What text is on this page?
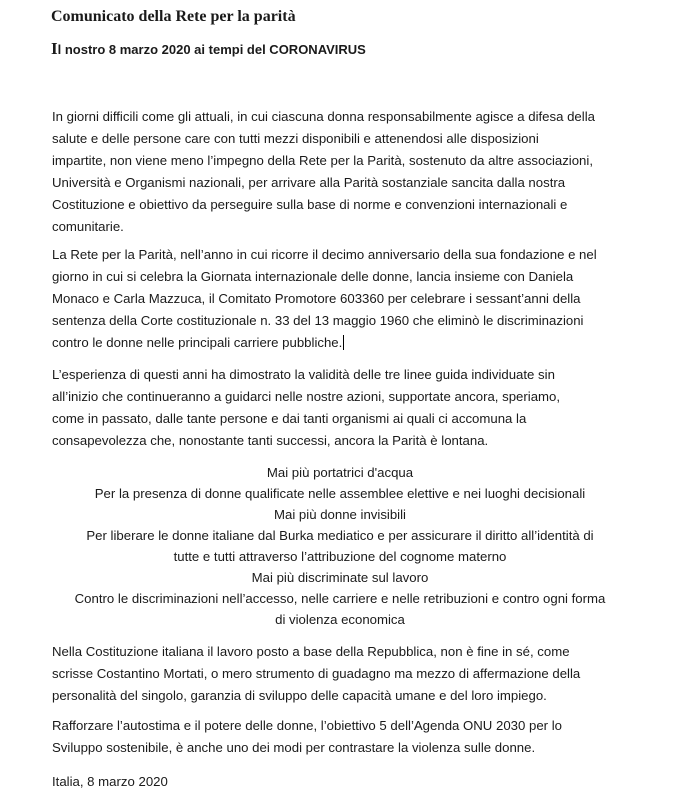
Comunicato della Rete per la parità
Il nostro 8 marzo 2020 ai tempi del CORONAVIRUS

In giorni difficili come gli attuali, in cui ciascuna donna responsabilmente agisce a difesa della
salute e delle persone care con tutti mezzi disponibili e attenendosi alle disposizioni
impartite, non viene meno l’impegno della Rete per la Parità, sostenuto da altre associazioni,
Università e Organismi nazionali, per arrivare alla Parità sostanziale sancita dalla nostra
Costituzione e obiettivo da perseguire sulla base di norme e convenzioni internazionali e
comunitarie.

La Rete per la Parità, nell’anno in cui ricorre il decimo anniversario della sua fondazione e nel
giorno in cui si celebra la Giornata internazionale delle donne, lancia insieme con Daniela
Monaco e Carla Mazzuca, il Comitato Promotore 603360 per celebrare i sessant’anni della
sentenza della Corte costituzionale n. 33 del 13 maggio 1960 che eliminò le discriminazioni
contro le donne nelle principali carriere pubbliche.

L’esperienza di questi anni ha dimostrato la validità delle tre linee guida individuate sin
all’inizio che continueranno a guidarci nelle nostre azioni, supportate ancora, speriamo,
come in passato, dalle tante persone e dai tanti organismi ai quali ci accomuna la
consapevolezza che, nonostante tanti successi, ancora la Parità è lontana.

Mai più portatrici d'acqua
Per la presenza di donne qualificate nelle assemblee elettive e nei luoghi decisionali
Mai più donne invisibili
Per liberare le donne italiane dal Burka mediatico e per assicurare il diritto all’identità di
tutte e tutti attraverso l’attribuzione del cognome materno
Mai più discriminate sul lavoro
Contro le discriminazioni nell’accesso, nelle carriere e nelle retribuzioni e contro ogni forma
di violenza economica

Nella Costituzione italiana il lavoro posto a base della Repubblica, non è fine in sé, come
scrisse Costantino Mortati, o mero strumento di guadagno ma mezzo di affermazione della
personalità del singolo, garanzia di sviluppo delle capacità umane e del loro impiego.

Rafforzare l’autostima e il potere delle donne, l’obiettivo 5 dell’Agenda ONU 2030 per lo
Sviluppo sostenibile, è anche uno dei modi per contrastare la violenza sulle donne.

Italia, 8 marzo 2020
